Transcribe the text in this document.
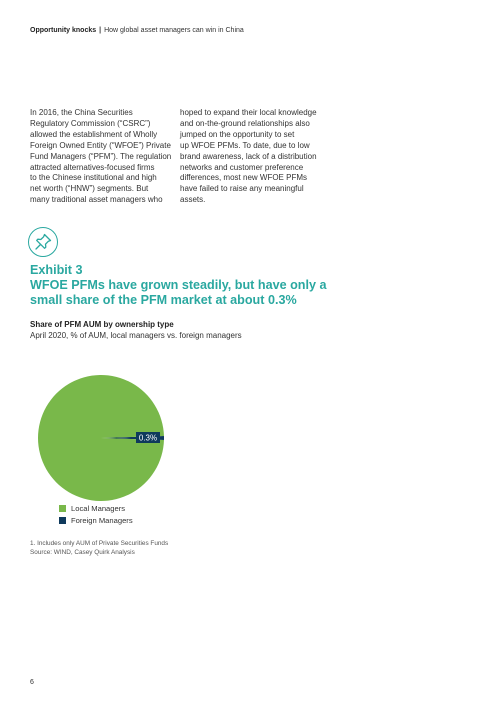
Opportunity knocks | How global asset managers can win in China
In 2016, the China Securities
Regulatory Commission (“CSRC”)
allowed the establishment of Wholly
Foreign Owned Entity (“WFOE”) Private
Fund Managers (“PFM”). The regulation
attracted alternatives-focused firms
to the Chinese institutional and high
net worth (“HNW”) segments. But
many traditional asset managers who
hoped to expand their local knowledge
and on-the-ground relationships also
jumped on the opportunity to set
up WFOE PFMs. To date, due to low
brand awareness, lack of a distribution
networks and customer preference
differences, most new WFOE PFMs
have failed to raise any meaningful
assets.
Exhibit 3
WFOE PFMs have grown steadily, but have only a
small share of the PFM market at about 0.3%
Share of PFM AUM by ownership type
April 2020, % of AUM, local managers vs. foreign managers
0.3%
Local Managers
Foreign Managers
1. Includes only AUM of Private Securities Funds
Source: WIND, Casey Quirk Analysis
6
